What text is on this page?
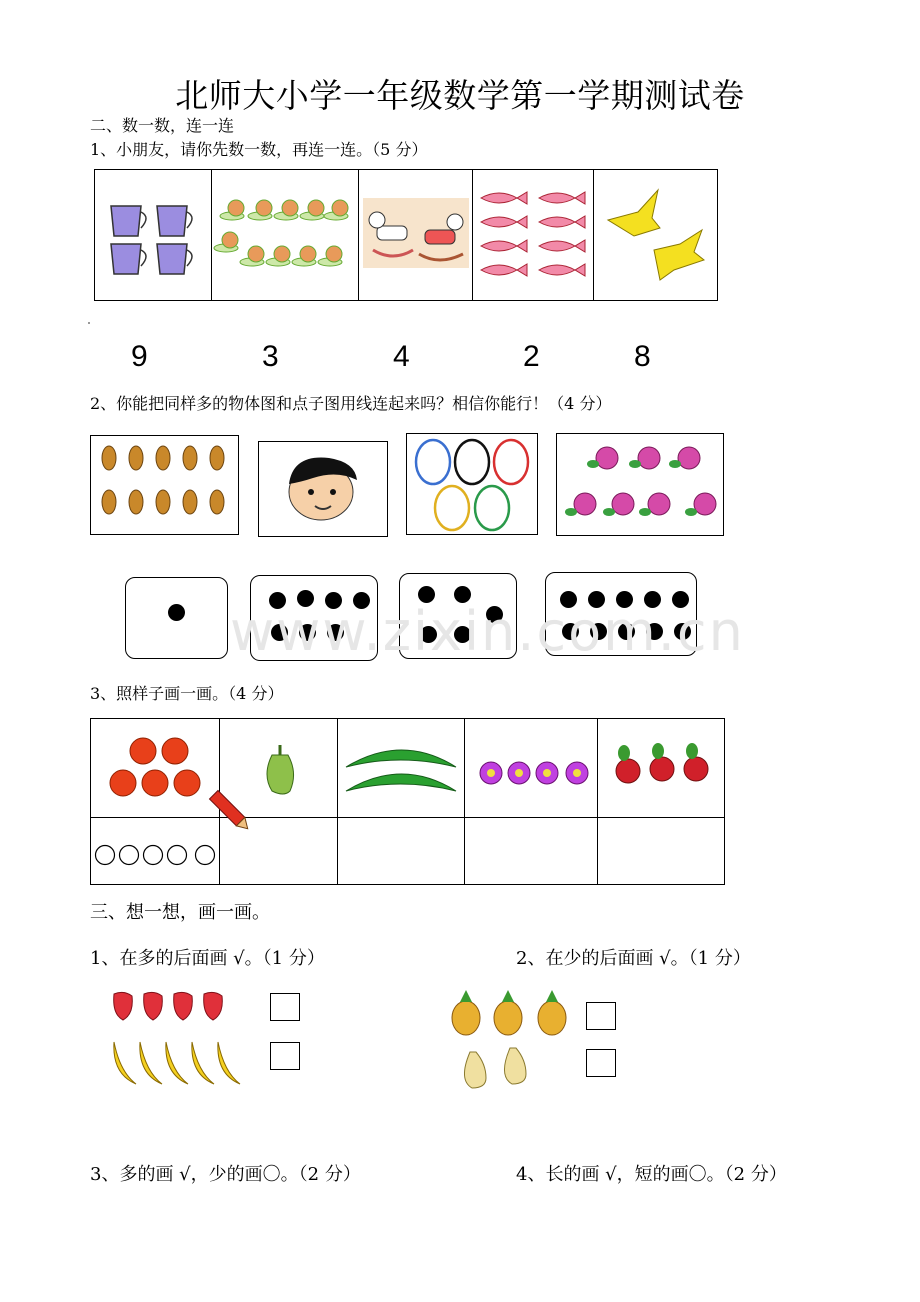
北师大小学一年级数学第一学期测试卷
二、数一数，连一连
1、小朋友，请你先数一数，再连一连。（5 分）
9	3	4	2	8
2、你能把同样多的物体图和点子图用线连起来吗？相信你能行！（4 分）
www.zixin.com.cn
3、照样子画一画。（4 分）

三、想一想，画一画。
1、在多的后面画 √。（1 分）	2、在少的后面画 √。（1 分）
3、多的画 √，少的画〇。（2 分）	4、长的画 √，短的画〇。（2 分）
